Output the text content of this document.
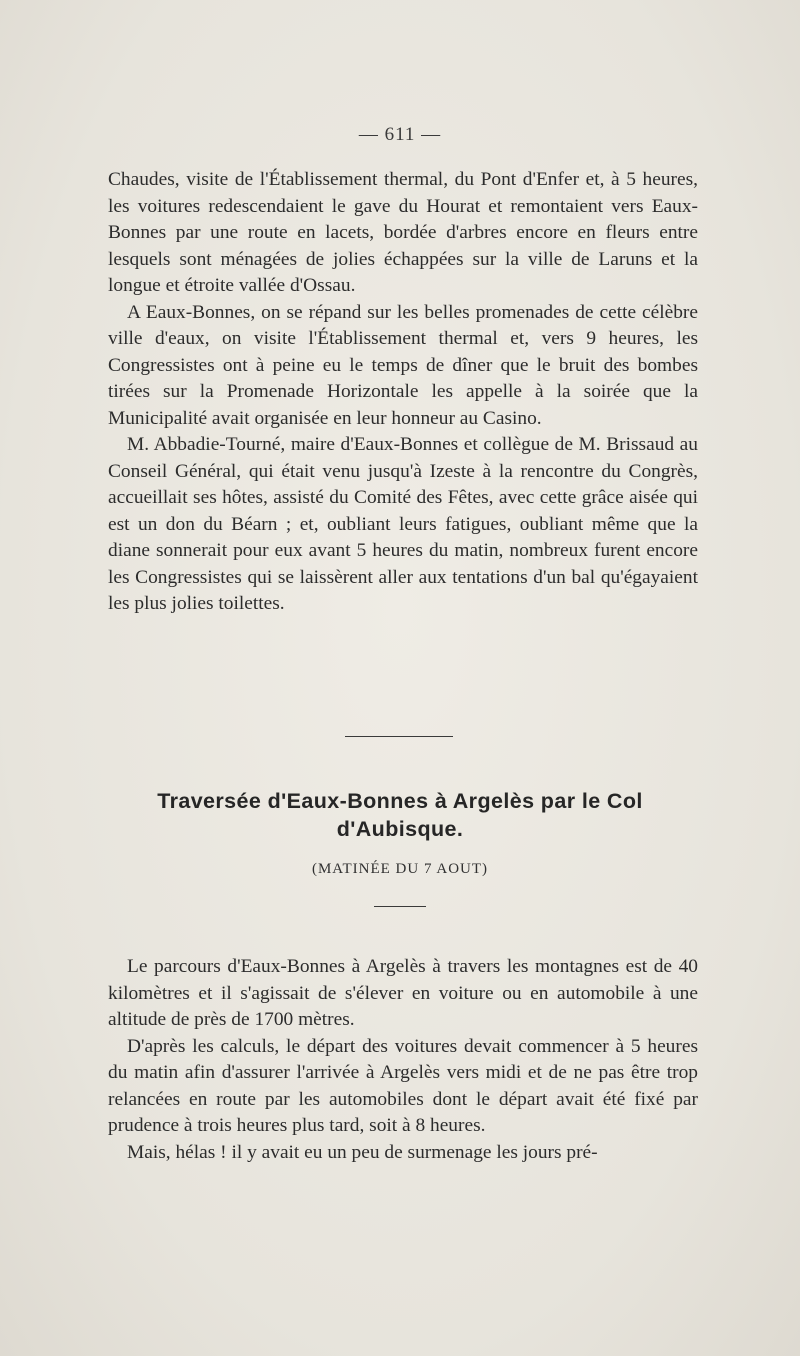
— 611 —

Chaudes, visite de l'Établissement thermal, du Pont d'Enfer et, à 5 heures, les voitures redescendaient le gave du Hourat et remontaient vers Eaux-Bonnes par une route en lacets, bordée d'arbres encore en fleurs entre lesquels sont ménagées de jolies échappées sur la ville de Laruns et la longue et étroite vallée d'Ossau.

A Eaux-Bonnes, on se répand sur les belles promenades de cette célèbre ville d'eaux, on visite l'Établissement thermal et, vers 9 heures, les Congressistes ont à peine eu le temps de dîner que le bruit des bombes tirées sur la Promenade Horizontale les appelle à la soirée que la Municipalité avait organisée en leur honneur au Casino.

M. Abbadie-Tourné, maire d'Eaux-Bonnes et collègue de M. Brissaud au Conseil Général, qui était venu jusqu'à Izeste à la rencontre du Congrès, accueillait ses hôtes, assisté du Comité des Fêtes, avec cette grâce aisée qui est un don du Béarn ; et, oubliant leurs fatigues, oubliant même que la diane sonnerait pour eux avant 5 heures du matin, nombreux furent encore les Congressistes qui se laissèrent aller aux tentations d'un bal qu'égayaient les plus jolies toilettes.

Traversée d'Eaux-Bonnes à Argelès par le Col
d'Aubisque.
(MATINÉE DU 7 AOUT)

Le parcours d'Eaux-Bonnes à Argelès à travers les montagnes est de 40 kilomètres et il s'agissait de s'élever en voiture ou en automobile à une altitude de près de 1700 mètres.

D'après les calculs, le départ des voitures devait commencer à 5 heures du matin afin d'assurer l'arrivée à Argelès vers midi et de ne pas être trop relancées en route par les automobiles dont le départ avait été fixé par prudence à trois heures plus tard, soit à 8 heures.

Mais, hélas ! il y avait eu un peu de surmenage les jours pré-
